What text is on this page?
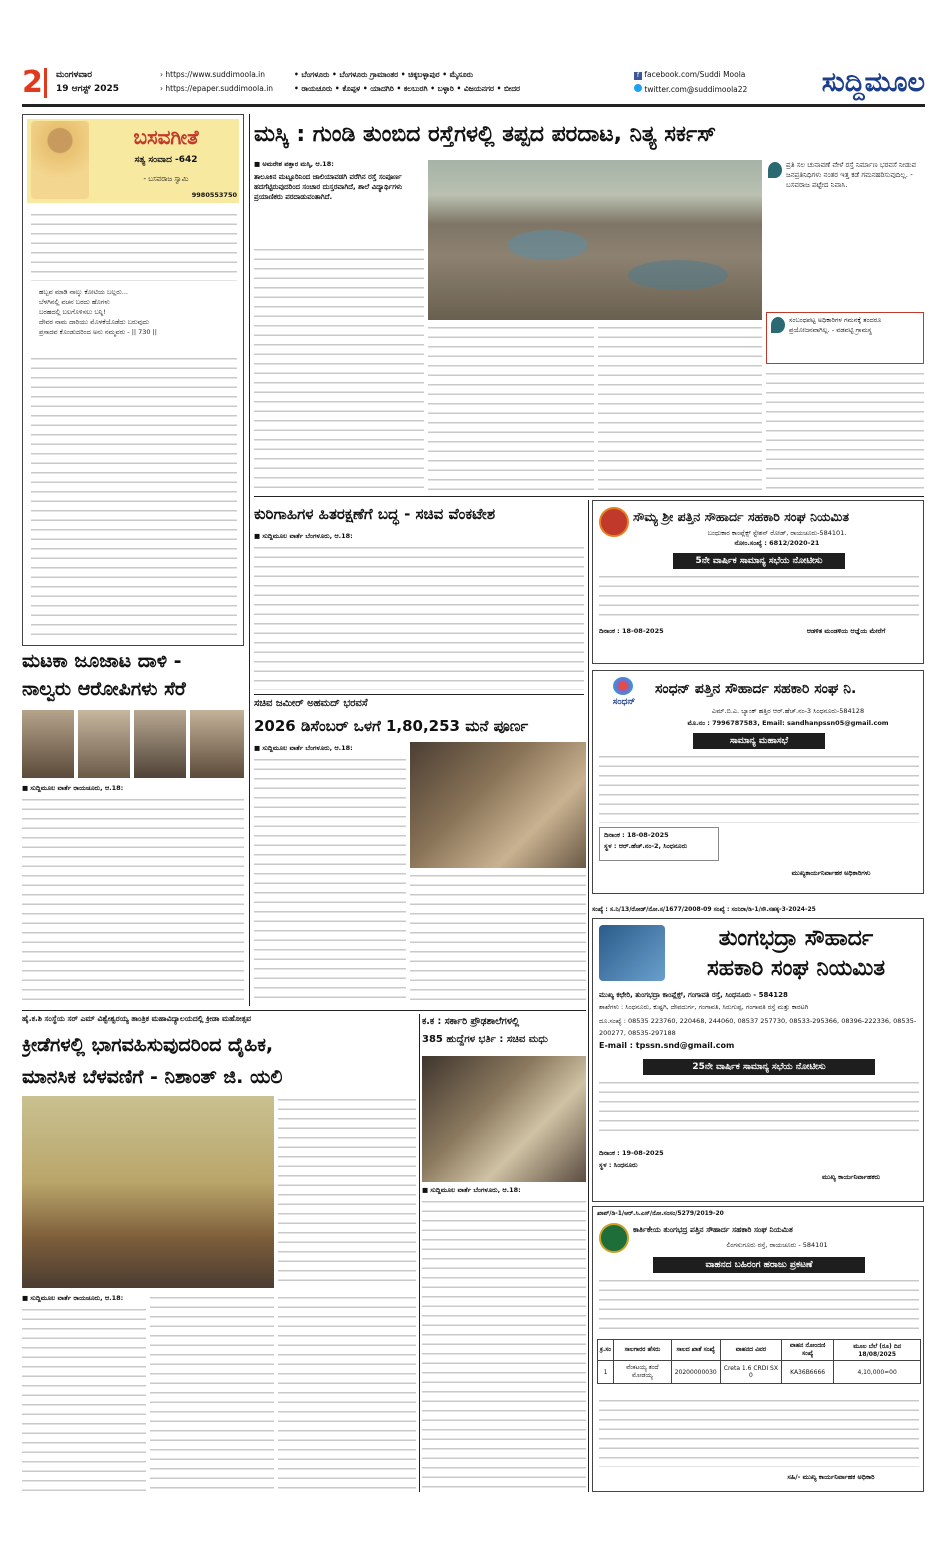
2 ಮಂಗಳವಾರ
19 ಆಗಸ್ಟ್ 2025
› https://www.suddimoola.in
› https://epaper.suddimoola.in
• ಬೆಂಗಳೂರು • ಬೆಂಗಳೂರು ಗ್ರಾಮಾಂತರ • ಚಿಕ್ಕಬಳ್ಳಾಪುರ • ಮೈಸೂರು
• ರಾಯಚೂರು • ಕೊಪ್ಪಳ • ಯಾದಗಿರಿ • ಕಲಬುರಗಿ • ಬಳ್ಳಾರಿ • ವಿಜಯನಗರ • ಬೀದರ
f facebook.com/Suddi Moola
twitter.com@suddimoola22	ಸುದ್ದಿಮೂಲ
ಬಸವಗೀತೆ
ಸತ್ಯ ಸಂವಾದ -642
- ಬಸವರಾಜ ಸ್ವಾಮಿ
9980553750
ಹಬ್ಬವ ಮಾಡಿ ನಾಲ್ಕು ಕೋಟಿಯ ಬಲ್ಲರು...
ಬೆಳಗಿನಲ್ಲಿ ವಚನ ಬರದು ಹೊಗಳು
ಬರಹದಲ್ಲಿ ಬಲಗೊಳಿಸಲು ಬನ್ನಿ!
ದೇವರ ನಾಮ ದಾರಿಯು ಮೊಳಕೆಯೊಡೆದು ಬರುವುದು
ಪ್ರಸಾದವ ಕೊಂಡುದರಿಂದ ಅನು ನಮ್ಮವರು - || 730 ||
ಮಟಕಾ ಜೂಜಾಟ ದಾಳಿ -
ನಾಲ್ವರು ಆರೋಪಿಗಳು ಸೆರೆ
■ ಸುದ್ದಿಮೂಲ ವಾರ್ತೆ ರಾಯಚೂರು, ಆ.18:
ಮಸ್ಕಿ : ಗುಂಡಿ ತುಂಬಿದ ರಸ್ತೆಗಳಲ್ಲಿ ತಪ್ಪದ ಪರದಾಟ, ನಿತ್ಯ ಸರ್ಕಸ್
■ ಅಮರೇಶ ಪತ್ತಾರ ಮಸ್ಕಿ, ಆ.18:
ತಾಲೂಕಿನ ಮಟ್ಟೂರಿನಿಂದ ಜಾಲಿಯಾವಡಗಿ ವರೆಗಿನ ರಸ್ತೆ ಸಂಪೂರ್ಣ ಹದಗೆಟ್ಟಿರುವುದರಿಂದ ಸಂಚಾರ ದುಸ್ತರವಾಗಿದೆ, ಶಾಲೆ ವಿದ್ಯಾರ್ಥಿಗಳು ಪ್ರಯಾಣಿಕರು ಪರದಾಡುವಂತಾಗಿದೆ.
ಪ್ರತಿ ಸಲ ಚುನಾವಣೆ ವೇಳೆ ರಸ್ತೆ ನಿರ್ಮಾಣ ಭರವಸೆ ನೀಡುವ ಜನಪ್ರತಿನಿಧಿಗಳು ನಂತರ ಇತ್ತ ಕಡೆ ಗಮನಹರಿಸುವುದಿಲ್ಲ. - ಬಸವರಾಜ ಪಟ್ಟೇದ ನಿವಾಸಿ.
ಸಂಬಂಧಪಟ್ಟ ಅಧಿಕಾರಿಗಳ ಗಮನಕ್ಕೆ ತಂದರೂ ಪ್ರಯೋಜನವಾಗಿಲ್ಲ. - ವಡವಟ್ಟಿ ಗ್ರಾಮಸ್ಥ
ಕುರಿಗಾಹಿಗಳ ಹಿತರಕ್ಷಣೆಗೆ ಬದ್ಧ - ಸಚಿವ ವೆಂಕಟೇಶ
■ ಸುದ್ದಿಮೂಲ ವಾರ್ತೆ ಬೆಂಗಳೂರು, ಆ.18:
ಸಚಿವ ಜಮೀರ್ ಅಹಮದ್ ಭರವಸೆ
2026 ಡಿಸೆಂಬರ್ ಒಳಗೆ 1,80,253 ಮನೆ ಪೂರ್ಣ
■ ಸುದ್ದಿಮೂಲ ವಾರ್ತೆ ಬೆಂಗಳೂರು, ಆ.18:
ಹೈ.ಕ.ಶಿ ಸಂಸ್ಥೆಯ ಸರ್ ಎಮ್ ವಿಶ್ವೇಶ್ವರಯ್ಯ ತಾಂತ್ರಿಕ ಮಹಾವಿದ್ಯಾಲಯದಲ್ಲಿ ಕ್ರೀಡಾ ಮಹೋತ್ಸವ
ಕ್ರೀಡೆಗಳಲ್ಲಿ ಭಾಗವಹಿಸುವುದರಿಂದ ದೈಹಿಕ,
ಮಾನಸಿಕ ಬೆಳವಣಿಗೆ - ನಿಶಾಂತ್ ಜಿ. ಯಲಿ
■ ಸುದ್ದಿಮೂಲ ವಾರ್ತೆ ರಾಯಚೂರು, ಆ.18:
ಕ.ಕ : ಸರ್ಕಾರಿ ಪ್ರೌಢಶಾಲೆಗಳಲ್ಲಿ
385 ಹುದ್ದೆಗಳ ಭರ್ತಿ : ಸಚಿವ ಮಧು
■ ಸುದ್ದಿಮೂಲ ವಾರ್ತೆ ಬೆಂಗಳೂರು, ಆ.18:
ಸೌಮ್ಯ ಶ್ರೀ ಪತ್ತಿನ ಸೌಹಾರ್ದ ಸಹಕಾರಿ ಸಂಘ ನಿಯಮಿತ
ಬಂಧುಕಾರ ಕಾಂಪ್ಲೆಕ್ಸ್ ಸ್ಟೇಶನ್ ರೋಡ್, ರಾಯಚೂರು-584101.
ನೋಂ.ಸಂಖ್ಯೆ : 6812/2020-21
5ನೇ ವಾರ್ಷಿಕ ಸಾಮಾನ್ಯ ಸಭೆಯ ನೋಟೀಸು
ದಿನಾಂಕ : 18-08-2025	ಆಡಳಿತ ಮಂಡಳಿಯ ಆಜ್ಞೆಯ ಮೇರೆಗೆ
ಸಂಧನ್
ಸಂಧನ್ ಪತ್ತಿನ ಸೌಹಾರ್ದ ಸಹಕಾರಿ ಸಂಘ ನಿ.
ಎಮ್.ಬಿ.ಎ. ಬ್ಯಾಂಕ್ ಹತ್ತಿರ ಆರ್.ಹೆಚ್.ನಂ-3 ಸಿಂಧನೂರು-584128
ಮೊ.ನಂ : 7996787583, Email: sandhanpssn05@gmail.com
ಸಾಮಾನ್ಯ ಮಹಾಸಭೆ
ದಿನಾಂಕ : 18-08-2025
ಸ್ಥಳ : ಆರ್.ಹೆಚ್.ನಂ-2, ಸಿಂಧನೂರು
ಮುಖ್ಯಕಾರ್ಯನಿರ್ವಾಹಕ ಅಧಿಕಾರಿಗಳು
ಸಂಖ್ಯೆ : ಸ.ನಿ/13/ರೋಡ್/ನೋ.ಸ/1677/2008-09 ಸಂಖ್ಯೆ : ಸಂನಿರಾ/ಡಿ-1/ಸೌ.ಸಹಕ್ಕ-3-2024-25
ತುಂಗಭದ್ರಾ ಸೌಹಾರ್ದ
ಸಹಕಾರಿ ಸಂಘ ನಿಯಮಿತ
ಮುಖ್ಯ ಕಛೇರಿ, ತುಂಗಭದ್ರಾ ಕಾಂಪ್ಲೆಕ್ಸ್, ಗಂಗಾವತಿ ರಸ್ತೆ, ಸಿಂಧನೂರು - 584128
ಶಾಖೆಗಳು : ಸಿಂಧನೂರು, ಕುಷ್ಟಗಿ, ದೇವದುರ್ಗ, ಗಂಗಾವತಿ, ಸಿರುಗುಪ್ಪ, ಗಂಗಾವತಿ ರಸ್ತೆ ಮತ್ತು ಕಾರಟಗಿ
ದೂ.ಸಂಖ್ಯೆ : 08535 223760, 220468, 244060, 08537 257730, 08533-295366, 08396-222336, 08535-200277, 08535-297188
E-mail : tpssn.snd@gmail.com
25ನೇ ವಾರ್ಷಿಕ ಸಾಮಾನ್ಯ ಸಭೆಯ ನೋಟೀಸು
ದಿನಾಂಕ : 19-08-2025
ಸ್ಥಳ : ಸಿಂಧನೂರು
ಮುಖ್ಯ ಕಾರ್ಯನಿರ್ವಾಹಕರು
ಖಾಪ್/ಡಿ-1/ಆರ್.ಸಿ.ಎಸ್/ನೋ.ಸಂಸಂ/5279/2019-20
ಕಾರ್ತಿಕೇಯ ತುಂಗಭದ್ರ ಪತ್ತಿನ ಸೌಹಾರ್ದ ಸಹಕಾರಿ ಸಂಘ ನಿಯಮಿತ
ಲಿಂಗಸುಗೂರು ರಸ್ತೆ, ರಾಯಚೂರು - 584101
ವಾಹನದ ಬಹಿರಂಗ ಹರಾಜು ಪ್ರಕಟಣೆ
ಕ್ರ.ಸಂ	ಸಾಲಗಾರರ ಹೆಸರು	ಸಾಲದ ಖಾತೆ ಸಂಖ್ಯೆ	ವಾಹನದ ವಿವರ	ವಾಹನ ನೋಂದಣಿ ಸಂಖ್ಯೆ	ಮೂಲ ಬೆಲೆ (ರೂ) ದಿನ 18/08/2025
1	ವೆಂಕಟಯ್ಯ ತಂದೆ ಮೋಡಯ್ಯ	20200000030	Creta 1.6 CRDI SX 0	KA36B6666	4,10,000=00
ಸಹಿ/- ಮುಖ್ಯ ಕಾರ್ಯನಿರ್ವಾಹಕ ಅಧಿಕಾರಿ
